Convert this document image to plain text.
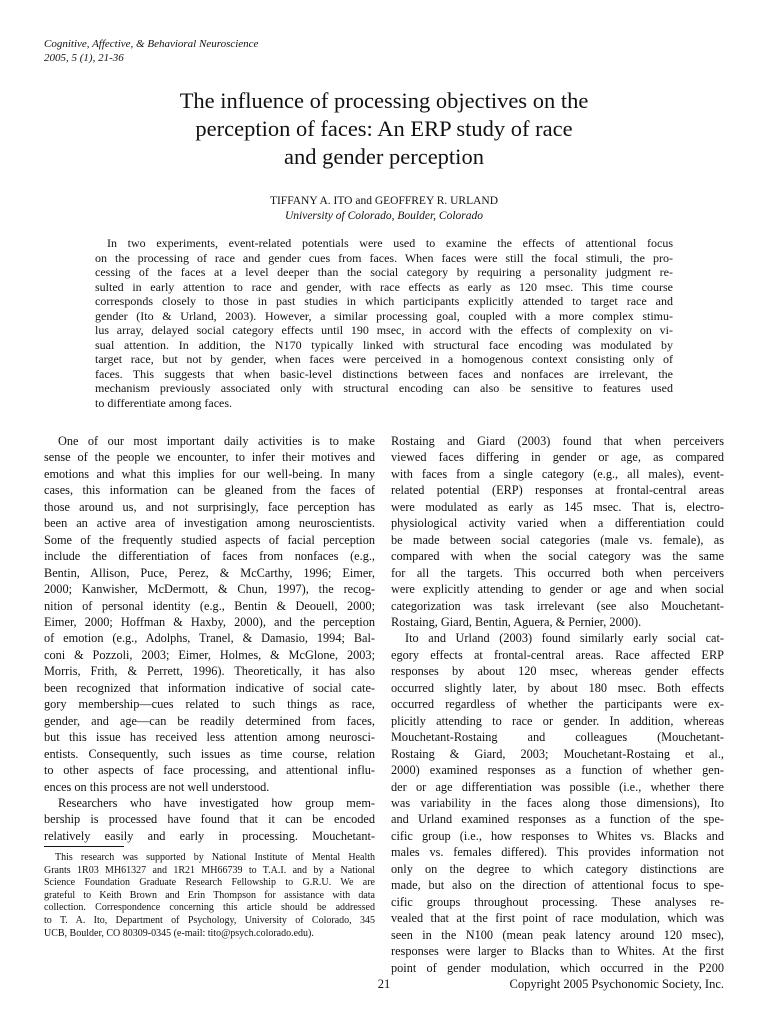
Cognitive, Affective, & Behavioral Neuroscience
2005, 5 (1), 21-36
The influence of processing objectives on the
perception of faces: An ERP study of race
and gender perception
TIFFANY A. ITO and GEOFFREY R. URLAND
University of Colorado, Boulder, Colorado
In two experiments, event-related potentials were used to examine the effects of attentional focus
on the processing of race and gender cues from faces. When faces were still the focal stimuli, the pro-
cessing of the faces at a level deeper than the social category by requiring a personality judgment re-
sulted in early attention to race and gender, with race effects as early as 120 msec. This time course
corresponds closely to those in past studies in which participants explicitly attended to target race and
gender (Ito & Urland, 2003). However, a similar processing goal, coupled with a more complex stimu-
lus array, delayed social category effects until 190 msec, in accord with the effects of complexity on vi-
sual attention. In addition, the N170 typically linked with structural face encoding was modulated by
target race, but not by gender, when faces were perceived in a homogenous context consisting only of
faces. This suggests that when basic-level distinctions between faces and nonfaces are irrelevant, the
mechanism previously associated only with structural encoding can also be sensitive to features used
to differentiate among faces.
One of our most important daily activities is to make
sense of the people we encounter, to infer their motives and
emotions and what this implies for our well-being. In many
cases, this information can be gleaned from the faces of
those around us, and not surprisingly, face perception has
been an active area of investigation among neuroscientists.
Some of the frequently studied aspects of facial perception
include the differentiation of faces from nonfaces (e.g.,
Bentin, Allison, Puce, Perez, & McCarthy, 1996; Eimer,
2000; Kanwisher, McDermott, & Chun, 1997), the recog-
nition of personal identity (e.g., Bentin & Deouell, 2000;
Eimer, 2000; Hoffman & Haxby, 2000), and the perception
of emotion (e.g., Adolphs, Tranel, & Damasio, 1994; Bal-
coni & Pozzoli, 2003; Eimer, Holmes, & McGlone, 2003;
Morris, Frith, & Perrett, 1996). Theoretically, it has also
been recognized that information indicative of social cate-
gory membership—cues related to such things as race,
gender, and age—can be readily determined from faces,
but this issue has received less attention among neurosci-
entists. Consequently, such issues as time course, relation
to other aspects of face processing, and attentional influ-
ences on this process are not well understood.
Researchers who have investigated how group mem-
bership is processed have found that it can be encoded
relatively easily and early in processing. Mouchetant-
This research was supported by National Institute of Mental Health
Grants 1R03 MH61327 and 1R21 MH66739 to T.A.I. and by a National
Science Foundation Graduate Research Fellowship to G.R.U. We are
grateful to Keith Brown and Erin Thompson for assistance with data
collection. Correspondence concerning this article should be addressed
to T. A. Ito, Department of Psychology, University of Colorado, 345
UCB, Boulder, CO 80309-0345 (e-mail: tito@psych.colorado.edu).
Rostaing and Giard (2003) found that when perceivers
viewed faces differing in gender or age, as compared
with faces from a single category (e.g., all males), event-
related potential (ERP) responses at frontal-central areas
were modulated as early as 145 msec. That is, electro-
physiological activity varied when a differentiation could
be made between social categories (male vs. female), as
compared with when the social category was the same
for all the targets. This occurred both when perceivers
were explicitly attending to gender or age and when social
categorization was task irrelevant (see also Mouchetant-
Rostaing, Giard, Bentin, Aguera, & Pernier, 2000).
Ito and Urland (2003) found similarly early social cat-
egory effects at frontal-central areas. Race affected ERP
responses by about 120 msec, whereas gender effects
occurred slightly later, by about 180 msec. Both effects
occurred regardless of whether the participants were ex-
plicitly attending to race or gender. In addition, whereas
Mouchetant-Rostaing and colleagues (Mouchetant-
Rostaing & Giard, 2003; Mouchetant-Rostaing et al.,
2000) examined responses as a function of whether gen-
der or age differentiation was possible (i.e., whether there
was variability in the faces along those dimensions), Ito
and Urland examined responses as a function of the spe-
cific group (i.e., how responses to Whites vs. Blacks and
males vs. females differed). This provides information not
only on the degree to which category distinctions are
made, but also on the direction of attentional focus to spe-
cific groups throughout processing. These analyses re-
vealed that at the first point of race modulation, which was
seen in the N100 (mean peak latency around 120 msec),
responses were larger to Blacks than to Whites. At the first
point of gender modulation, which occurred in the P200
21	Copyright 2005 Psychonomic Society, Inc.
